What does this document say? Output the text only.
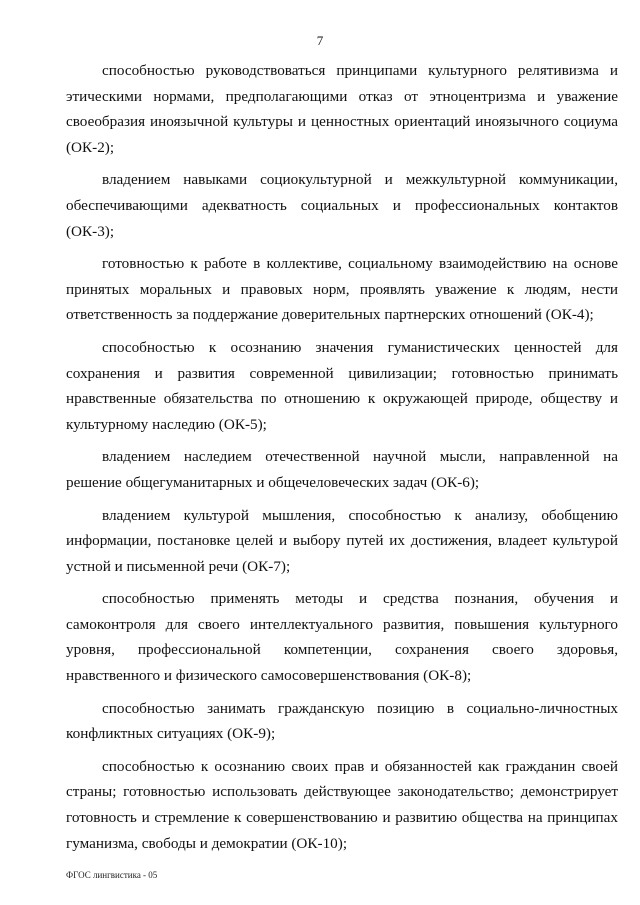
7

способностью руководствоваться принципами культурного релятивизма и этическими нормами, предполагающими отказ от этноцентризма и уважение своеобразия иноязычной культуры и ценностных ориентаций иноязычного социума (ОК-2);

владением навыками социокультурной и межкультурной коммуникации, обеспечивающими адекватность социальных и профессиональных контактов (ОК-3);

готовностью к работе в коллективе, социальному взаимодействию на основе принятых моральных и правовых норм, проявлять уважение к людям, нести ответственность за поддержание доверительных партнерских отношений (ОК-4);

способностью к осознанию значения гуманистических ценностей для сохранения и развития современной цивилизации; готовностью принимать нравственные обязательства по отношению к окружающей природе, обществу и культурному наследию (ОК-5);

владением наследием отечественной научной мысли, направленной на решение общегуманитарных и общечеловеческих задач (ОК-6);

владением культурой мышления, способностью к анализу, обобщению информации, постановке целей и выбору путей их достижения, владеет культурой устной и письменной речи (ОК-7);

способностью применять методы и средства познания, обучения и самоконтроля для своего интеллектуального развития, повышения культурного уровня, профессиональной компетенции, сохранения своего здоровья, нравственного и физического самосовершенствования (ОК-8);

способностью занимать гражданскую позицию в социально-личностных конфликтных ситуациях (ОК-9);

способностью к осознанию своих прав и обязанностей как гражданин своей страны; готовностью использовать действующее законодательство; демонстрирует готовность и стремление к совершенствованию и развитию общества на принципах гуманизма, свободы и демократии (ОК-10);

ФГОС лингвистика - 05
